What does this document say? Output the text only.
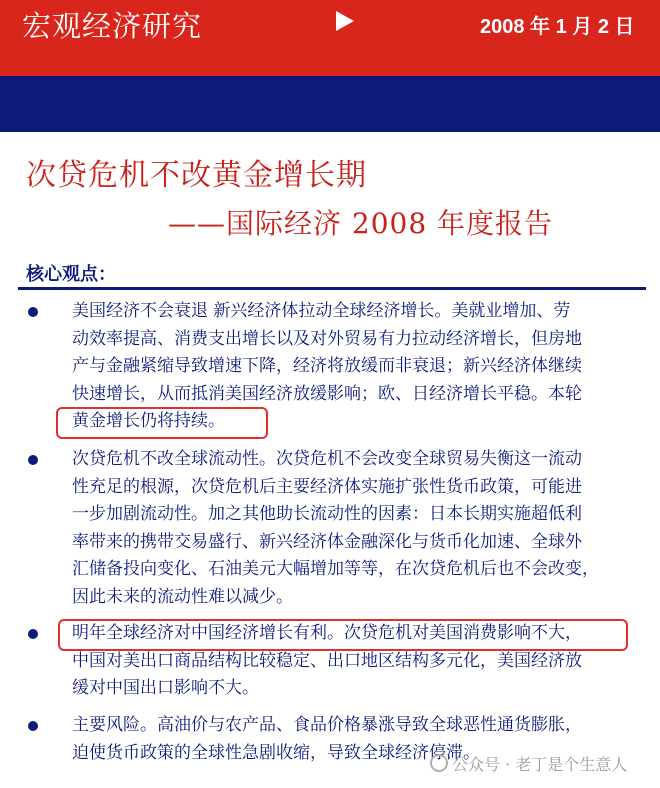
宏观经济研究	2008 年 1 月 2 日
次贷危机不改黄金增长期
——国际经济 2008 年度报告
核心观点：
美国经济不会衰退 新兴经济体拉动全球经济增长。美就业增加、劳
动效率提高、消费支出增长以及对外贸易有力拉动经济增长，但房地
产与金融紧缩导致增速下降，经济将放缓而非衰退；新兴经济体继续
快速增长，从而抵消美国经济放缓影响；欧、日经济增长平稳。本轮
黄金增长仍将持续。
次贷危机不改全球流动性。次贷危机不会改变全球贸易失衡这一流动
性充足的根源，次贷危机后主要经济体实施扩张性货币政策，可能进
一步加剧流动性。加之其他助长流动性的因素：日本长期实施超低利
率带来的携带交易盛行、新兴经济体金融深化与货币化加速、全球外
汇储备投向变化、石油美元大幅增加等等，在次贷危机后也不会改变，
因此未来的流动性难以减少。
明年全球经济对中国经济增长有利。次贷危机对美国消费影响不大，
中国对美出口商品结构比较稳定、出口地区结构多元化，美国经济放
缓对中国出口影响不大。
主要风险。高油价与农产品、食品价格暴涨导致全球恶性通货膨胀，
迫使货币政策的全球性急剧收缩，导致全球经济停滞。
公众号 · 老丁是个生意人
